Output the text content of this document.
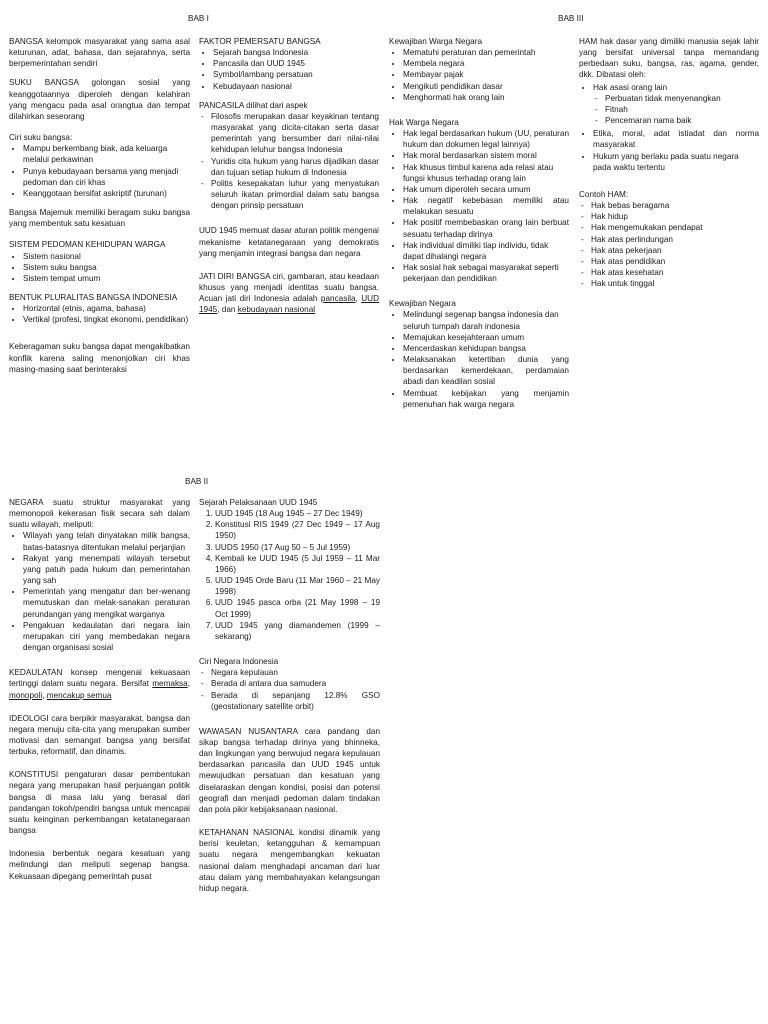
BAB I	BAB III
BAB II

BANGSA kelompok masyarakat yang sama asal keturunan, adat, bahasa, dan sejarahnya, serta berpemerintahan sendiri

SUKU BANGSA golongan sosial yang keanggotaannya diperoleh dengan kelahiran yang mengacu pada asal orangtua dan tempat dilahirkan seseorang

Ciri suku bangsa:
• Mampu berkembang biak, ada keluarga melalui perkawinan
• Punya kebudayaan bersama yang menjadi pedoman dan ciri khas
• Keanggotaan bersifat askriptif (turunan)

Bangsa Majemuk memiliki beragam suku bangsa yang membentuk satu kesatuan

SISTEM PEDOMAN KEHIDUPAN WARGA
• Sistem nasional
• Sistem suku bangsa
• Sistem tempat umum
BENTUK PLURALITAS BANGSA INDONESIA
• Horizontal (etnis, agama, bahasa)
• Vertikal (profesi, tingkat ekonomi, pendidikan)

Keberagaman suku bangsa dapat mengakibatkan konflik karena saling menonjolkan ciri khas masing-masing saat berinteraksi

FAKTOR PEMERSATU BANGSA
• Sejarah bangsa Indonesia
• Pancasila dan UUD 1945
• Symbol/lambang persatuan
• Kebudayaan nasional
PANCASILA dilihat dari aspek
- Filosofis merupakan dasar keyakinan tentang masyarakat yang dicita-citakan serta dasar pemerintah yang bersumber dari nilai-nilai kehidupan leluhur bangsa Indonesia
- Yuridis cita hukum yang harus dijadikan dasar dan tujuan setiap hukum di Indonesia
- Politis kesepakatan luhur yang menyatukan seluruh ikatan primordial dalam satu bangsa dengan prinsip persatuan

UUD 1945 memuat dasar aturan politik mengenai mekanisme ketatanegaraan yang demokratis yang menjamin integrasi bangsa dan negara

JATI DIRI BANGSA ciri, gambaran, atau keadaan khusus yang menjadi identitas suatu bangsa. Acuan jati diri Indonesia adalah pancasila, UUD 1945, dan kebudayaan nasional

Kewajiban Warga Negara
• Mematuhi peraturan dan pemerintah
• Membela negara
• Membayar pajak
• Mengikuti pendidikan dasar
• Menghormati hak orang lain
Hak Warga Negara
• Hak legal berdasarkan hukum (UU, peraturan hukum dan dokumen legal lainnya)
• Hak moral berdasarkan sistem moral
• Hak khusus timbul karena ada relasi atau fungsi khusus terhadap orang lain
• Hak umum diperoleh secara umum
• Hak negatif kebebasan memiliki atau melakukan sesuatu
• Hak positif membebaskan orang lain berbuat sesuatu terhadap dirinya
• Hak individual dimiliki tiap individu, tidak dapat dihalangi negara
• Hak sosial hak sebagai masyarakat seperti pekerjaan dan pendidikan
Kewajiban Negara
• Melindungi segenap bangsa indonesia dan seluruh tumpah darah indonesia
• Memajukan kesejahteraan umum
• Mencerdaskan kehidupan bangsa
• Melaksanakan ketertiban dunia yang berdasarkan kemerdekaan, perdamaian abadi dan keadilan sosial
• Membuat kebijakan yang menjamin pemenuhan hak warga negara

HAM hak dasar yang dimiliki manusia sejak lahir yang bersifat universal tanpa memandang perbedaan suku, bangsa, ras, agama, gender, dkk. Dibatasi oleh:

• Hak asasi orang lain
- Perbuatan tidak menyenangkan
- Fitnah
- Pencemaran nama baik
• Etika, moral, adat istiadat dan norma masyarakat
• Hukum yang berlaku pada suatu negara pada waktu tertentu
Contoh HAM:
- Hak bebas beragama
- Hak hidup
- Hak mengemukakan pendapat
- Hak atas perlindungan
- Hak atas pekerjaan
- Hak atas pendidikan
- Hak atas kesehatan
- Hak untuk tinggal

NEGARA suatu struktur masyarakat yang memonopoli kekerasan fisik secara sah dalam suatu wilayah, meliputi:

• Wilayah yang telah dinyatakan milik bangsa, batas-batasnya ditentukan melalui perjanjian
• Rakyat yang menempati wilayah tersebut yang patuh pada hukum dan pemerintahan yang sah
• Pemerintah yang mengatur dan ber-wenang memutuskan dan melak-sanakan peraturan perundangan yang mengikat warganya
• Pengakuan kedaulatan dari negara lain merupakan ciri yang membedakan negara dengan organisasi sosial

KEDAULATAN konsep mengenai kekuasaan tertinggi dalam suatu negara. Bersifat memaksa, monopoli, mencakup semua

IDEOLOGI cara berpikir masyarakat, bangsa dan negara menuju cita-cita yang merupakan sumber motivasi dan semangat bangsa yang bersifat terbuka, reformatif, dan dinamis.

KONSTITUSI pengaturan dasar pembentukan negara yang merupakan hasil perjuangan politik bangsa di masa lalu yang berasal dari pandangan tokoh/pendiri bangsa untuk mencapai suatu keinginan perkembangan ketatanegaraan bangsa

Indonesia berbentuk negara kesatuan yang melindungi dan meliputi segenap bangsa. Kekuasaan dipegang pemerintah pusat

Sejarah Pelaksanaan UUD 1945
1. UUD 1945 (18 Aug 1945 – 27 Dec 1949)
2. Konstitusi RIS 1949 (27 Dec 1949 – 17 Aug 1950)
3. UUDS 1950 (17 Aug 50 – 5 Jul 1959)
4. Kembali ke UUD 1945 (5 Jul 1959 – 11 Mar 1966)
5. UUD 1945 Orde Baru (11 Mar 1960 – 21 May 1998)
6. UUD 1945 pasca orba (21 May 1998 – 19 Oct 1999)
7. UUD 1945 yang diamandemen (1999 – sekarang)
Ciri Negara Indonesia
- Negara kepulauan
- Berada di antara dua samudera
- Berada di sepanjang 12.8% GSO (geostationary satellite orbit)

WAWASAN NUSANTARA cara pandang dan sikap bangsa terhadap dirinya yang bhinneka, dan lingkungan yang berwujud negara kepulauan berdasarkan pancasila dan UUD 1945 untuk mewujudkan persatuan dan kesatuan yang diselaraskan dengan kondisi, posisi dan potensi geografi dan menjadi pedoman dalam tindakan dan pola pikir kebijaksanaan nasional.

KETAHANAN NASIONAL kondisi dinamik yang berisi keuletan, ketangguhan & kemampuan suatu negara mengembangkan kekuatan nasional dalam menghadapi ancaman dari luar atau dalam yang membahayakan kelangsungan hidup negara.
